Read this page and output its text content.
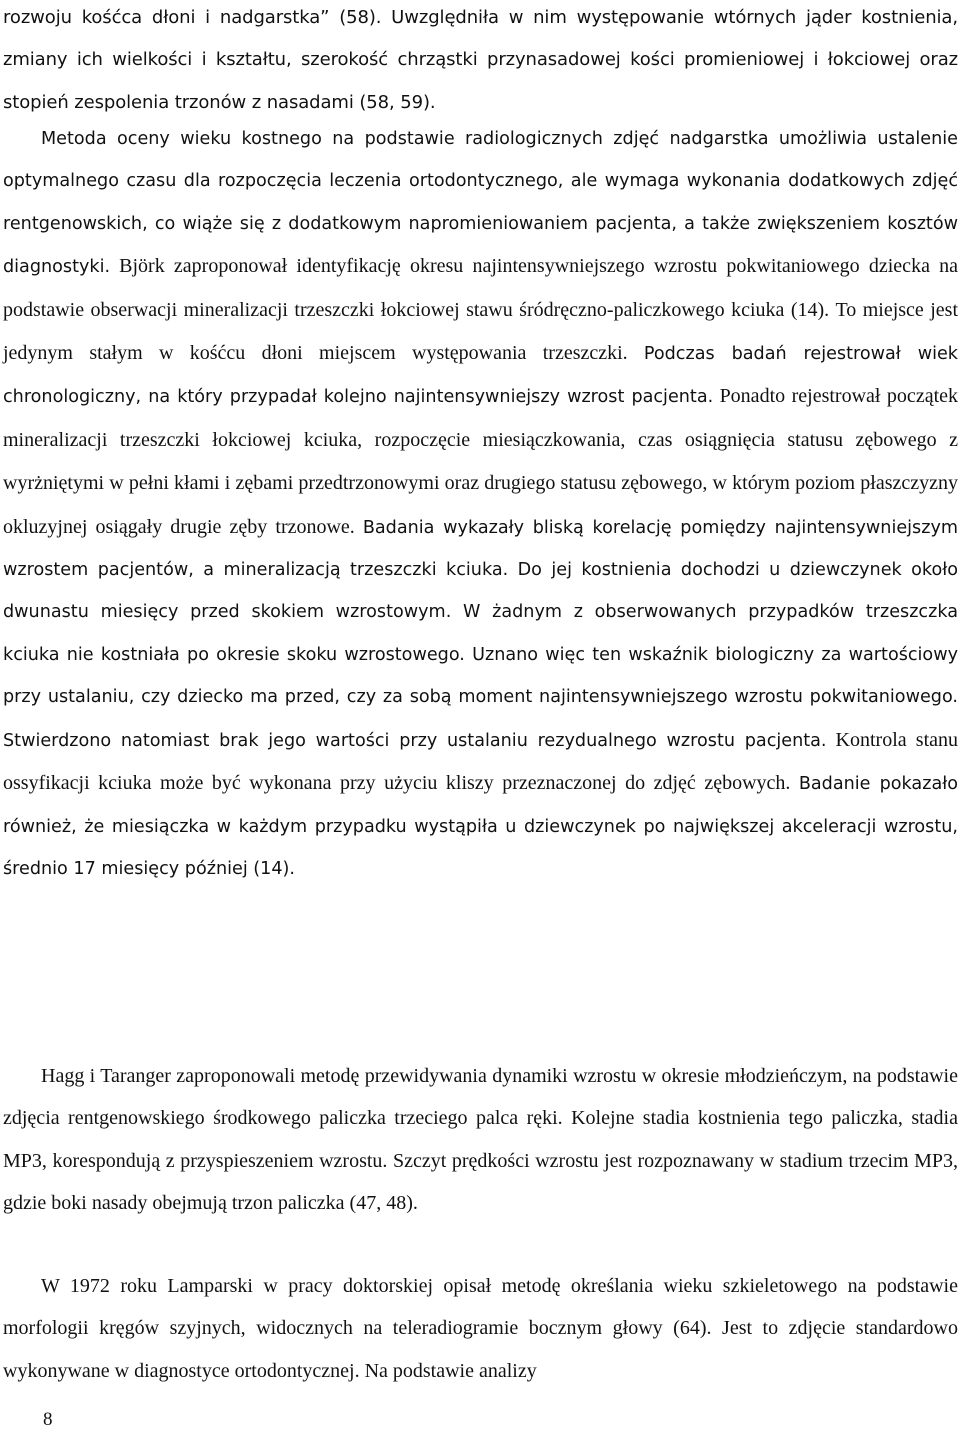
rozwoju kośćca dłoni i nadgarstka” (58). Uwzględniła w nim występowanie wtórnych jąder kostnienia, zmiany ich wielkości i kształtu, szerokość chrząstki przynasadowej kości promieniowej i łokciowej oraz stopień zespolenia trzonów z nasadami (58, 59).

Metoda oceny wieku kostnego na podstawie radiologicznych zdjęć nadgarstka umożliwia ustalenie optymalnego czasu dla rozpoczęcia leczenia ortodontycznego, ale wymaga wykonania dodatkowych zdjęć rentgenowskich, co wiąże się z dodatkowym napromieniowaniem pacjenta, a także zwiększeniem kosztów diagnostyki. Björk zaproponował identyfikację okresu najintensywniejszego wzrostu pokwitaniowego dziecka na podstawie obserwacji mineralizacji trzeszczki łokciowej stawu śródręczno-paliczkowego kciuka (14). To miejsce jest jedynym stałym w kośćcu dłoni miejscem występowania trzeszczki. Podczas badań rejestrował wiek chronologiczny, na który przypadał kolejno najintensywniejszy wzrost pacjenta. Ponadto rejestrował początek mineralizacji trzeszczki łokciowej kciuka, rozpoczęcie miesiączkowania, czas osiągnięcia statusu zębowego z wyrżniętymi w pełni kłami i zębami przedtrzonowymi oraz drugiego statusu zębowego, w którym poziom płaszczyzny okluzyjnej osiągały drugie zęby trzonowe. Badania wykazały bliską korelację pomiędzy najintensywniejszym wzrostem pacjentów, a mineralizacją trzeszczki kciuka. Do jej kostnienia dochodzi u dziewczynek około dwunastu miesięcy przed skokiem wzrostowym. W żadnym z obserwowanych przypadków trzeszczka kciuka nie kostniała po okresie skoku wzrostowego. Uznano więc ten wskaźnik biologiczny za wartościowy przy ustalaniu, czy dziecko ma przed, czy za sobą moment najintensywniejszego wzrostu pokwitaniowego. Stwierdzono natomiast brak jego wartości przy ustalaniu rezydualnego wzrostu pacjenta. Kontrola stanu ossyfikacji kciuka może być wykonana przy użyciu kliszy przeznaczonej do zdjęć zębowych. Badanie pokazało również, że miesiączka w każdym przypadku wystąpiła u dziewczynek po największej akceleracji wzrostu, średnio 17 miesięcy później (14).

Hagg i Taranger zaproponowali metodę przewidywania dynamiki wzrostu w okresie młodzieńczym, na podstawie zdjęcia rentgenowskiego środkowego paliczka trzeciego palca ręki. Kolejne stadia kostnienia tego paliczka, stadia MP3, korespondują z przyspieszeniem wzrostu. Szczyt prędkości wzrostu jest rozpoznawany w stadium trzecim MP3, gdzie boki nasady obejmują trzon paliczka (47, 48).

W 1972 roku Lamparski w pracy doktorskiej opisał metodę określania wieku szkieletowego na podstawie morfologii kręgów szyjnych, widocznych na teleradiogramie bocznym głowy (64). Jest to zdjęcie standardowo wykonywane w diagnostyce ortodontycznej. Na podstawie analizy

8
